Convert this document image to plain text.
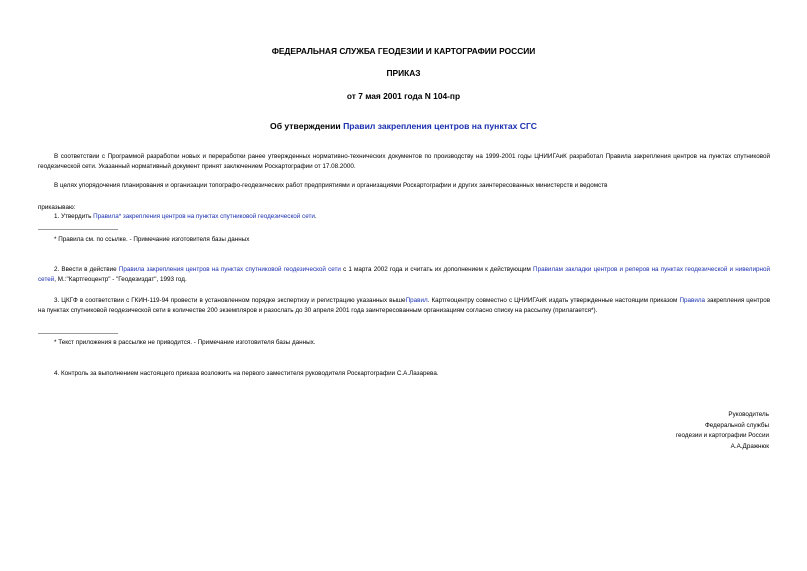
ФЕДЕРАЛЬНАЯ СЛУЖБА ГЕОДЕЗИИ И КАРТОГРАФИИ РОССИИ
ПРИКАЗ
от 7 мая 2001 года N 104-пр
Об утверждении Правил закрепления центров на пунктах СГС
В соответствии с Программой разработки новых и переработки ранее утвержденных нормативно-технических документов по производству на 1999-2001 годы ЦНИИГАиК разработал Правила закрепления центров на пунктах спутниковой геодезической сети. Указанный нормативный документ принят заключением Роскартографии от 17.08.2000.
В целях упорядочения планирования и организации топографо-геодезических работ предприятиями и организациями Роскартографии и других заинтересованных министерств и ведомств
приказываю:
1. Утвердить Правила* закрепления центров на пунктах спутниковой геодезической сети.
* Правила см. по ссылке. - Примечание изготовителя базы данных
2. Ввести в действие Правила закрепления центров на пунктах спутниковой геодезической сети с 1 марта 2002 года и считать их дополнением к действующим Правилам закладки центров и реперов на пунктах геодезической и нивелирной сетей, М.:"Картгеоцентр" - "Геодезиздат", 1993 год.
3. ЦКГФ в соответствии с ГКИН-119-94 провести в установленном порядке экспертизу и регистрацию указанных вышеПравил. Картгеоцентру совместно с ЦНИИГАиК издать утвержденные настоящим приказом Правила закрепления центров на пунктах спутниковой геодезической сети в количестве 200 экземпляров и разослать до 30 апреля 2001 года заинтересованным организациям согласно списку на рассылку (прилагается*).
* Текст приложения в рассылке не приводится. - Примечание изготовителя базы данных.
4. Контроль за выполнением настоящего приказа возложить на первого заместителя руководителя Роскартографии С.А.Лазарева.
Руководитель
Федеральной службы
геодезии и картографии России
А.А.Дражнюк
